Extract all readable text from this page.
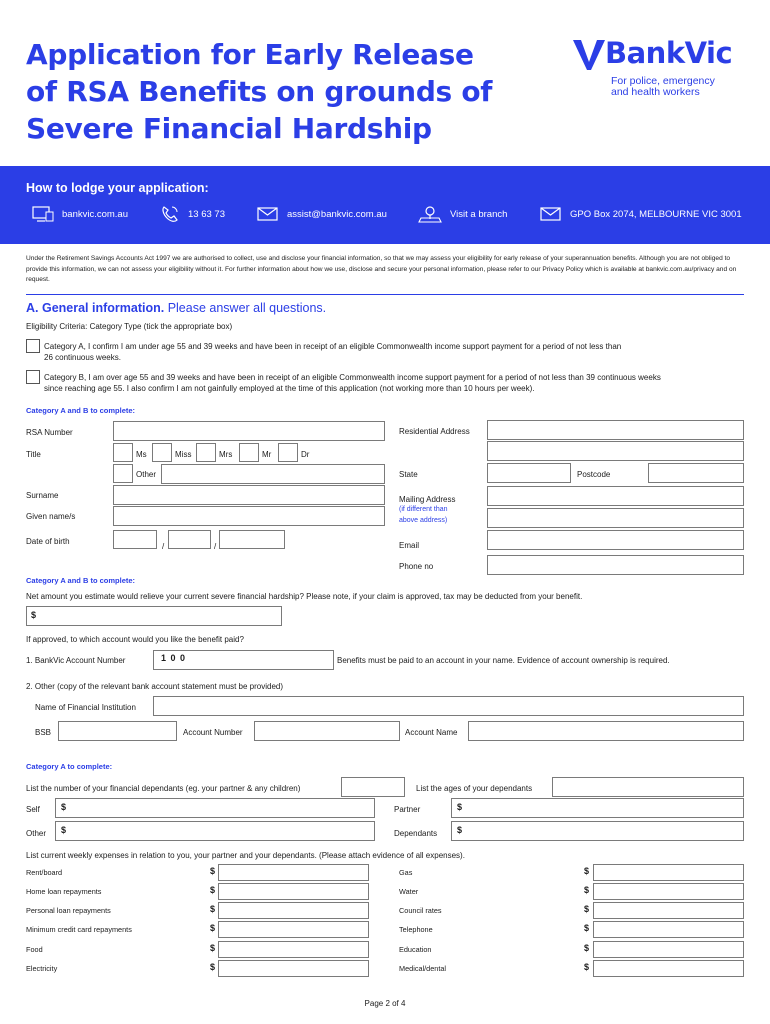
Application for Early Release
of RSA Benefits on grounds of
Severe Financial Hardship
BankVic
For police, emergency
and health workers
How to lodge your application:
bankvic.com.au	13 63 73	assist@bankvic.com.au	Visit a branch	GPO Box 2074, MELBOURNE VIC 3001
Under the Retirement Savings Accounts Act 1997 we are authorised to collect, use and disclose your financial information, so that we may assess your eligibility for early release of your superannuation benefits. Although you are not obliged to provide this information, we can not assess your eligibility without it. For further information about how we use, disclose and secure your personal information, please refer to our Privacy Policy which is available at bankvic.com.au/privacy and on request.
A. General information. Please answer all questions.
Eligibility Criteria: Category Type (tick the appropriate box)
Category A, I confirm I am under age 55 and 39 weeks and have been in receipt of an eligible Commonwealth income support payment for a period of not less than
26 continuous weeks.
Category B, I am over age 55 and 39 weeks and have been in receipt of an eligible Commonwealth income support payment for a period of not less than 39 continuous weeks
since reaching age 55. I also confirm I am not gainfully employed at the time of this application (not working more than 10 hours per week).
Category A and B to complete:
RSA Number
Title	Ms	Miss	Mrs	Mr	Dr
Other
Surname
Given name/s
Date of birth
/	/
Residential Address
State	Postcode
Mailing Address
(if different than
above address)
Email
Phone no
Category A and B to complete:
Net amount you estimate would relieve your current severe financial hardship? Please note, if your claim is approved, tax may be deducted from your benefit.
$
If approved, to which account would you like the benefit paid?
1. BankVic Account Number	1 0 0	Benefits must be paid to an account in your name. Evidence of account ownership is required.
2. Other (copy of the relevant bank account statement must be provided)
Name of Financial Institution
BSB	Account Number	Account Name
Category A to complete:
List the number of your financial dependants (eg. your partner & any children)	List the ages of your dependants
Self $	Partner	$
Other $	Dependants $
List current weekly expenses in relation to you, your partner and your dependants. (Please attach evidence of all expenses).
Rent/board	$
Home loan repayments	$
Personal loan repayments	$
Minimum credit card repayments	$
Food	$
Electricity	$
Gas	$
Water	$
Council rates	$
Telephone	$
Education	$
Medical/dental	$
Page 2 of 4
